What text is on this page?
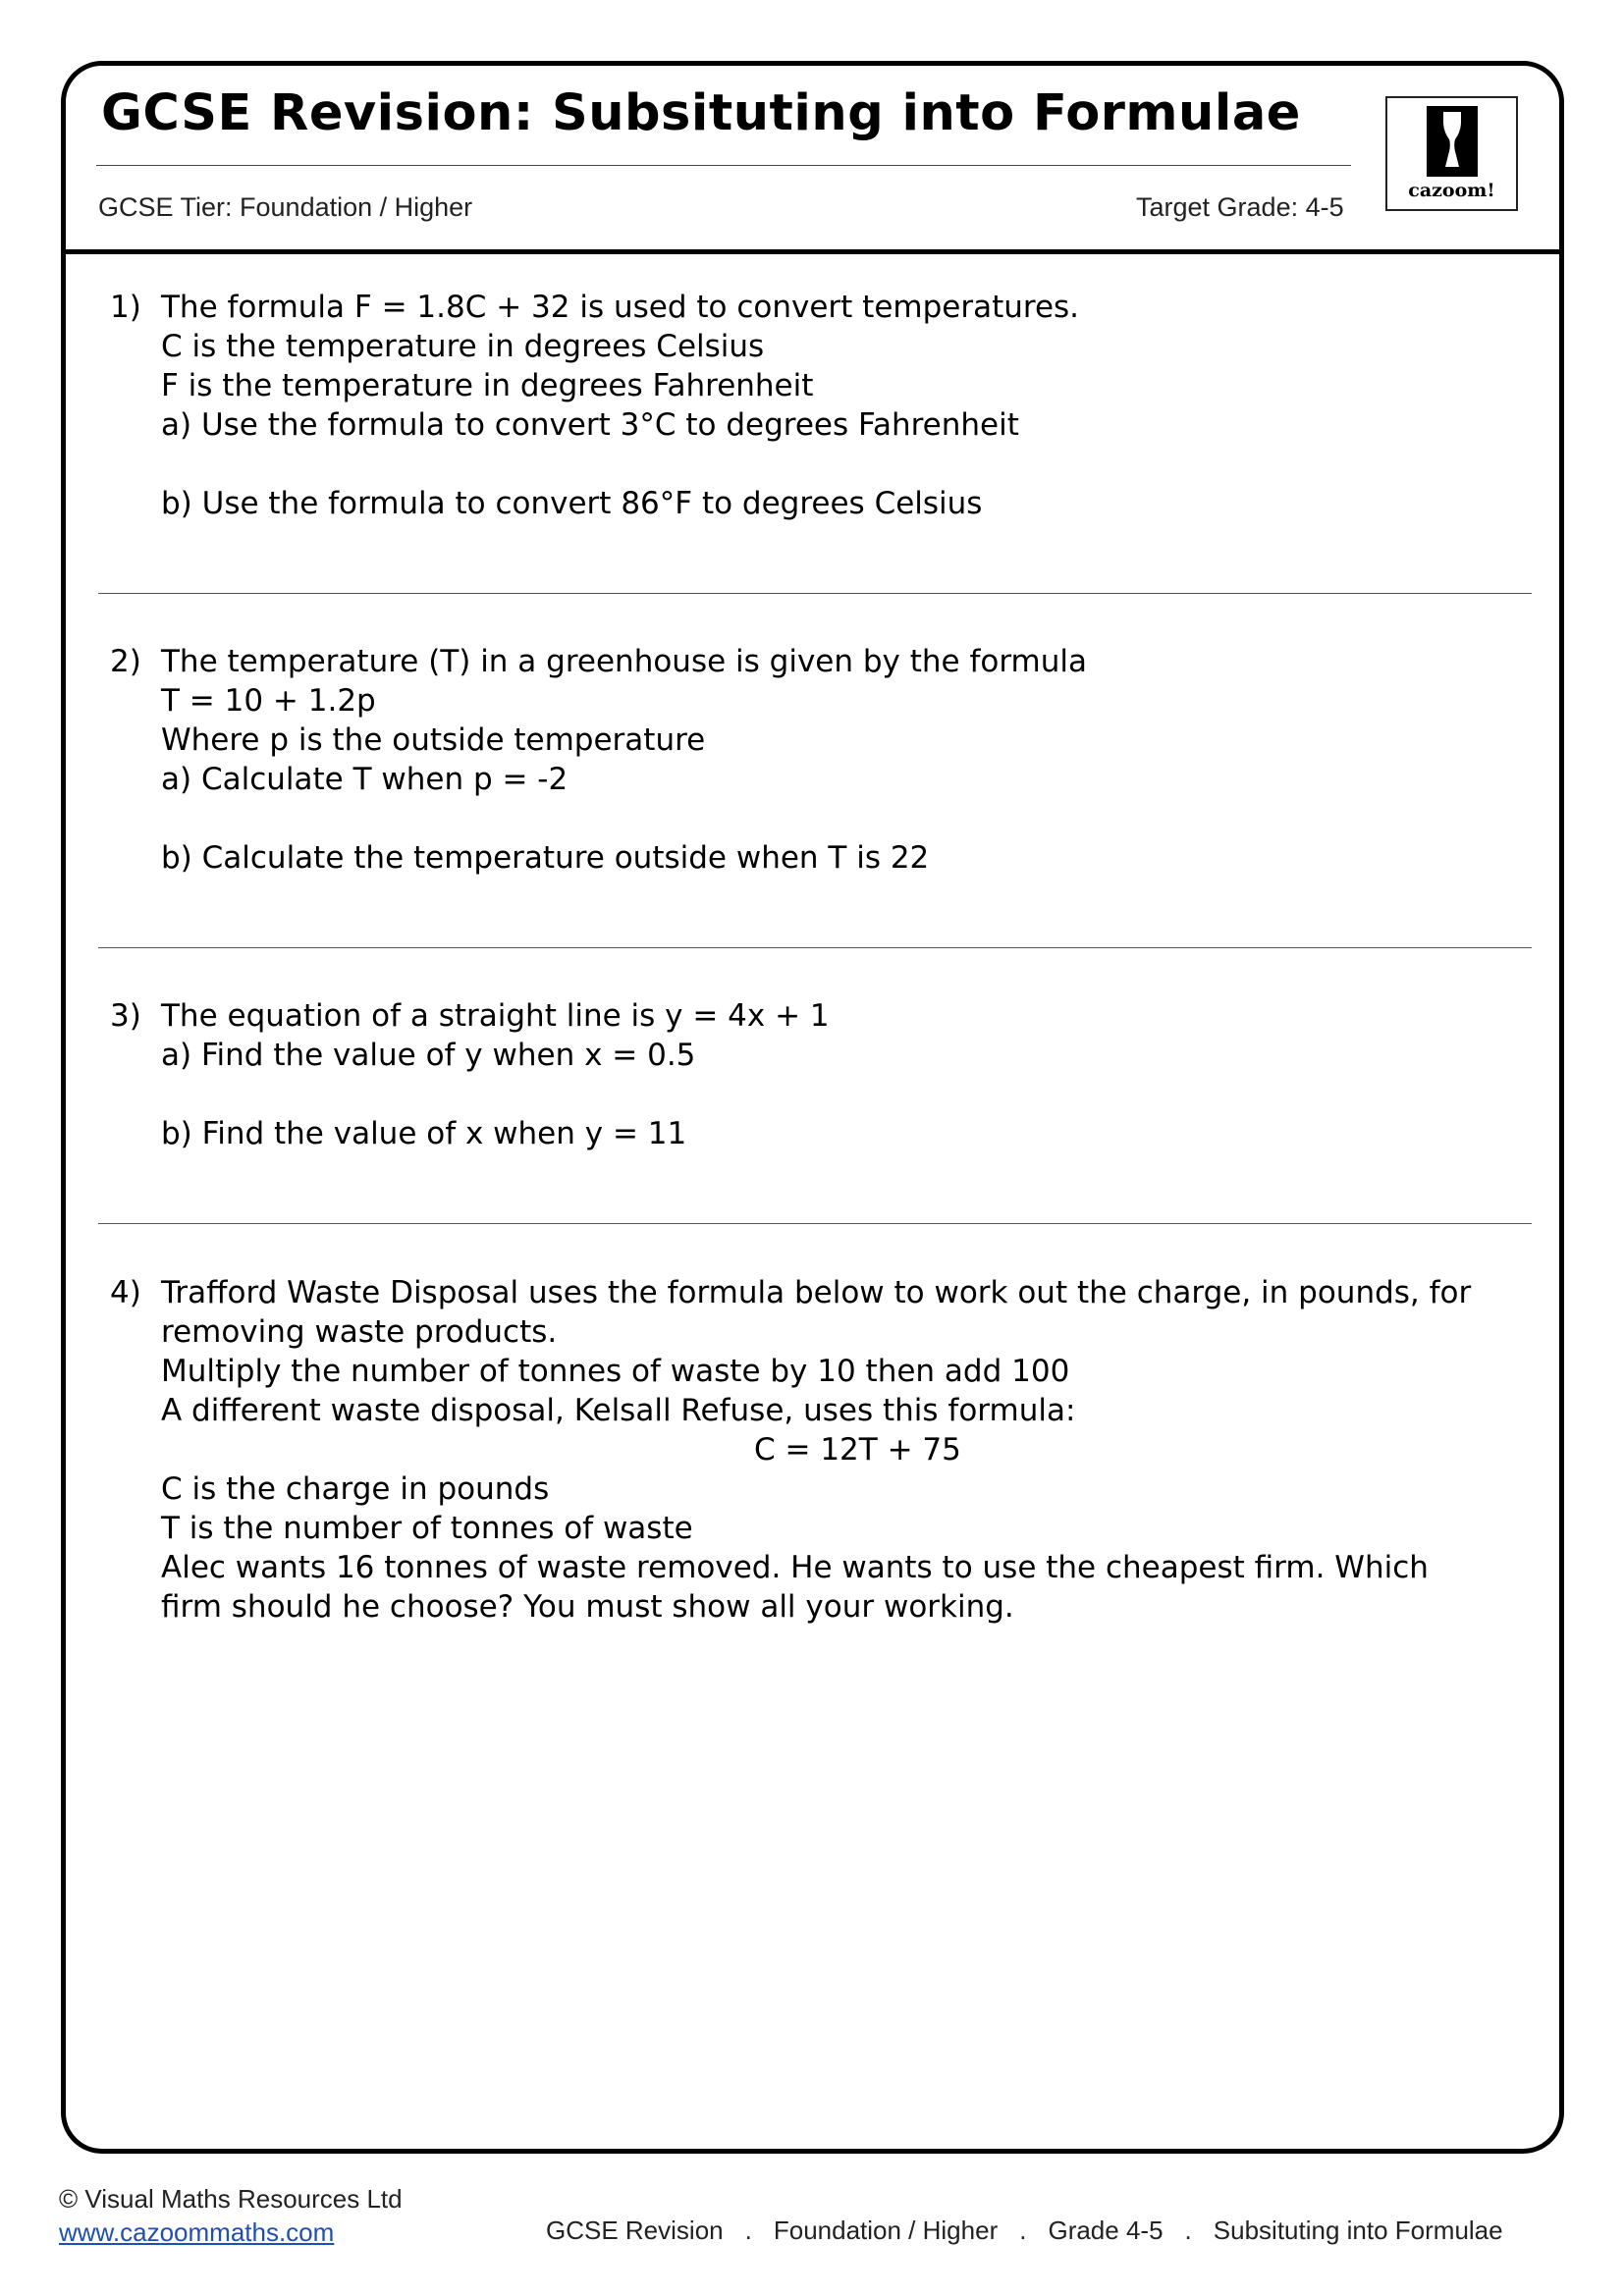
GCSE Revision: Subsituting into Formulae
GCSE Tier: Foundation / Higher	Target Grade: 4-5
cazoom!
1) The formula F = 1.8C + 32 is used to convert temperatures.
C is the temperature in degrees Celsius
F is the temperature in degrees Fahrenheit
a) Use the formula to convert 3°C to degrees Fahrenheit
b) Use the formula to convert 86°F to degrees Celsius
2) The temperature (T) in a greenhouse is given by the formula
T = 10 + 1.2p
Where p is the outside temperature
a) Calculate T when p = -2
b) Calculate the temperature outside when T is 22
3) The equation of a straight line is y = 4x + 1
a) Find the value of y when x = 0.5
b) Find the value of x when y = 11
4) Trafford Waste Disposal uses the formula below to work out the charge, in pounds, for
removing waste products.
Multiply the number of tonnes of waste by 10 then add 100
A different waste disposal, Kelsall Refuse, uses this formula:
C = 12T + 75
C is the charge in pounds
T is the number of tonnes of waste
Alec wants 16 tonnes of waste removed. He wants to use the cheapest firm. Which
firm should he choose? You must show all your working.
© Visual Maths Resources Ltd
www.cazoommaths.com	GCSE Revision . Foundation / Higher . Grade 4-5 . Subsituting into Formulae
